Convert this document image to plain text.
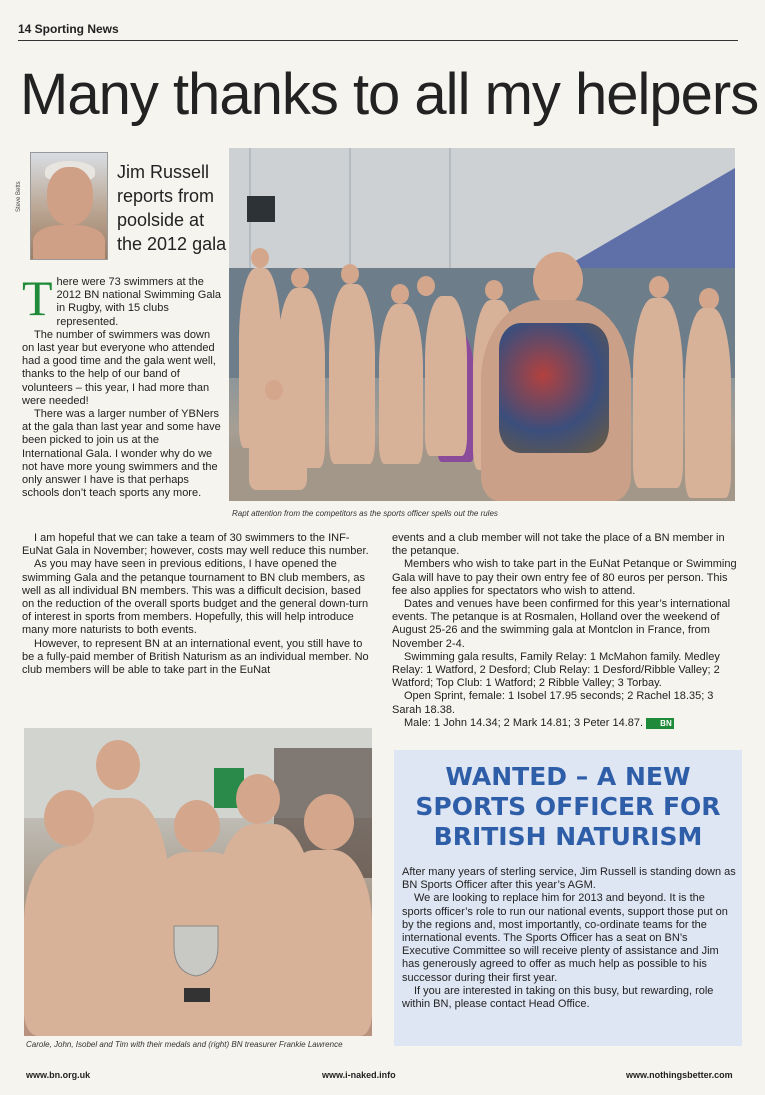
14 Sporting News
Many thanks to all my helpers
Steve Betts
Jim Russell reports from poolside at the 2012 gala
T here were 73 swimmers at the 2012 BN national Swimming Gala in Rugby, with 15 clubs represented.

The number of swimmers was down on last year but everyone who attended had a good time and the gala went well, thanks to the help of our band of volunteers – this year, I had more than were needed!

There was a larger number of YBNers at the gala than last year and some have been picked to join us at the International Gala. I wonder why do we not have more young swimmers and the only answer I have is that perhaps schools don’t teach sports any more.

Rapt attention from the competitors as the sports officer spells out the rules

I am hopeful that we can take a team of 30 swimmers to the INF-EuNat Gala in November; however, costs may well reduce this number.

As you may have seen in previous editions, I have opened the swimming Gala and the petanque tournament to BN club members, as well as all individual BN members. This was a difficult decision, based on the reduction of the overall sports budget and the general down-turn of interest in sports from members. Hopefully, this will help introduce many more naturists to both events.

However, to represent BN at an international event, you still have to be a fully-paid member of British Naturism as an individual member. No club members will be able to take part in the EuNat

events and a club member will not take the place of a BN member in the petanque.

Members who wish to take part in the EuNat Petanque or Swimming Gala will have to pay their own entry fee of 80 euros per person. This fee also applies for spectators who wish to attend.

Dates and venues have been confirmed for this year’s international events. The petanque is at Rosmalen, Holland over the weekend of August 25-26 and the swimming gala at Montclon in France, from November 2-4.

Swimming gala results, Family Relay: 1 McMahon family. Medley Relay: 1 Watford, 2 Desford; Club Relay: 1 Desford/Ribble Valley; 2 Watford; Top Club: 1 Watford; 2 Ribble Valley; 3 Torbay.

Open Sprint, female: 1 Isobel 17.95 seconds; 2 Rachel 18.35; 3 Sarah 18.38.

Male: 1 John 14.34; 2 Mark 14.81; 3 Peter 14.87. BN

Carole, John, Isobel and Tim with their medals and (right) BN treasurer Frankie Lawrence
WANTED – A NEW SPORTS OFFICER FOR BRITISH NATURISM

After many years of sterling service, Jim Russell is standing down as BN Sports Officer after this year’s AGM.

We are looking to replace him for 2013 and beyond. It is the sports officer’s role to run our national events, support those put on by the regions and, most importantly, co-ordinate teams for the international events. The Sports Officer has a seat on BN’s Executive Committee so will receive plenty of assistance and Jim has generously agreed to offer as much help as possible to his successor during their first year.

If you are interested in taking on this busy, but rewarding, role within BN, please contact Head Office.

www.bn.org.uk	www.i-naked.info	www.nothingsbetter.com
